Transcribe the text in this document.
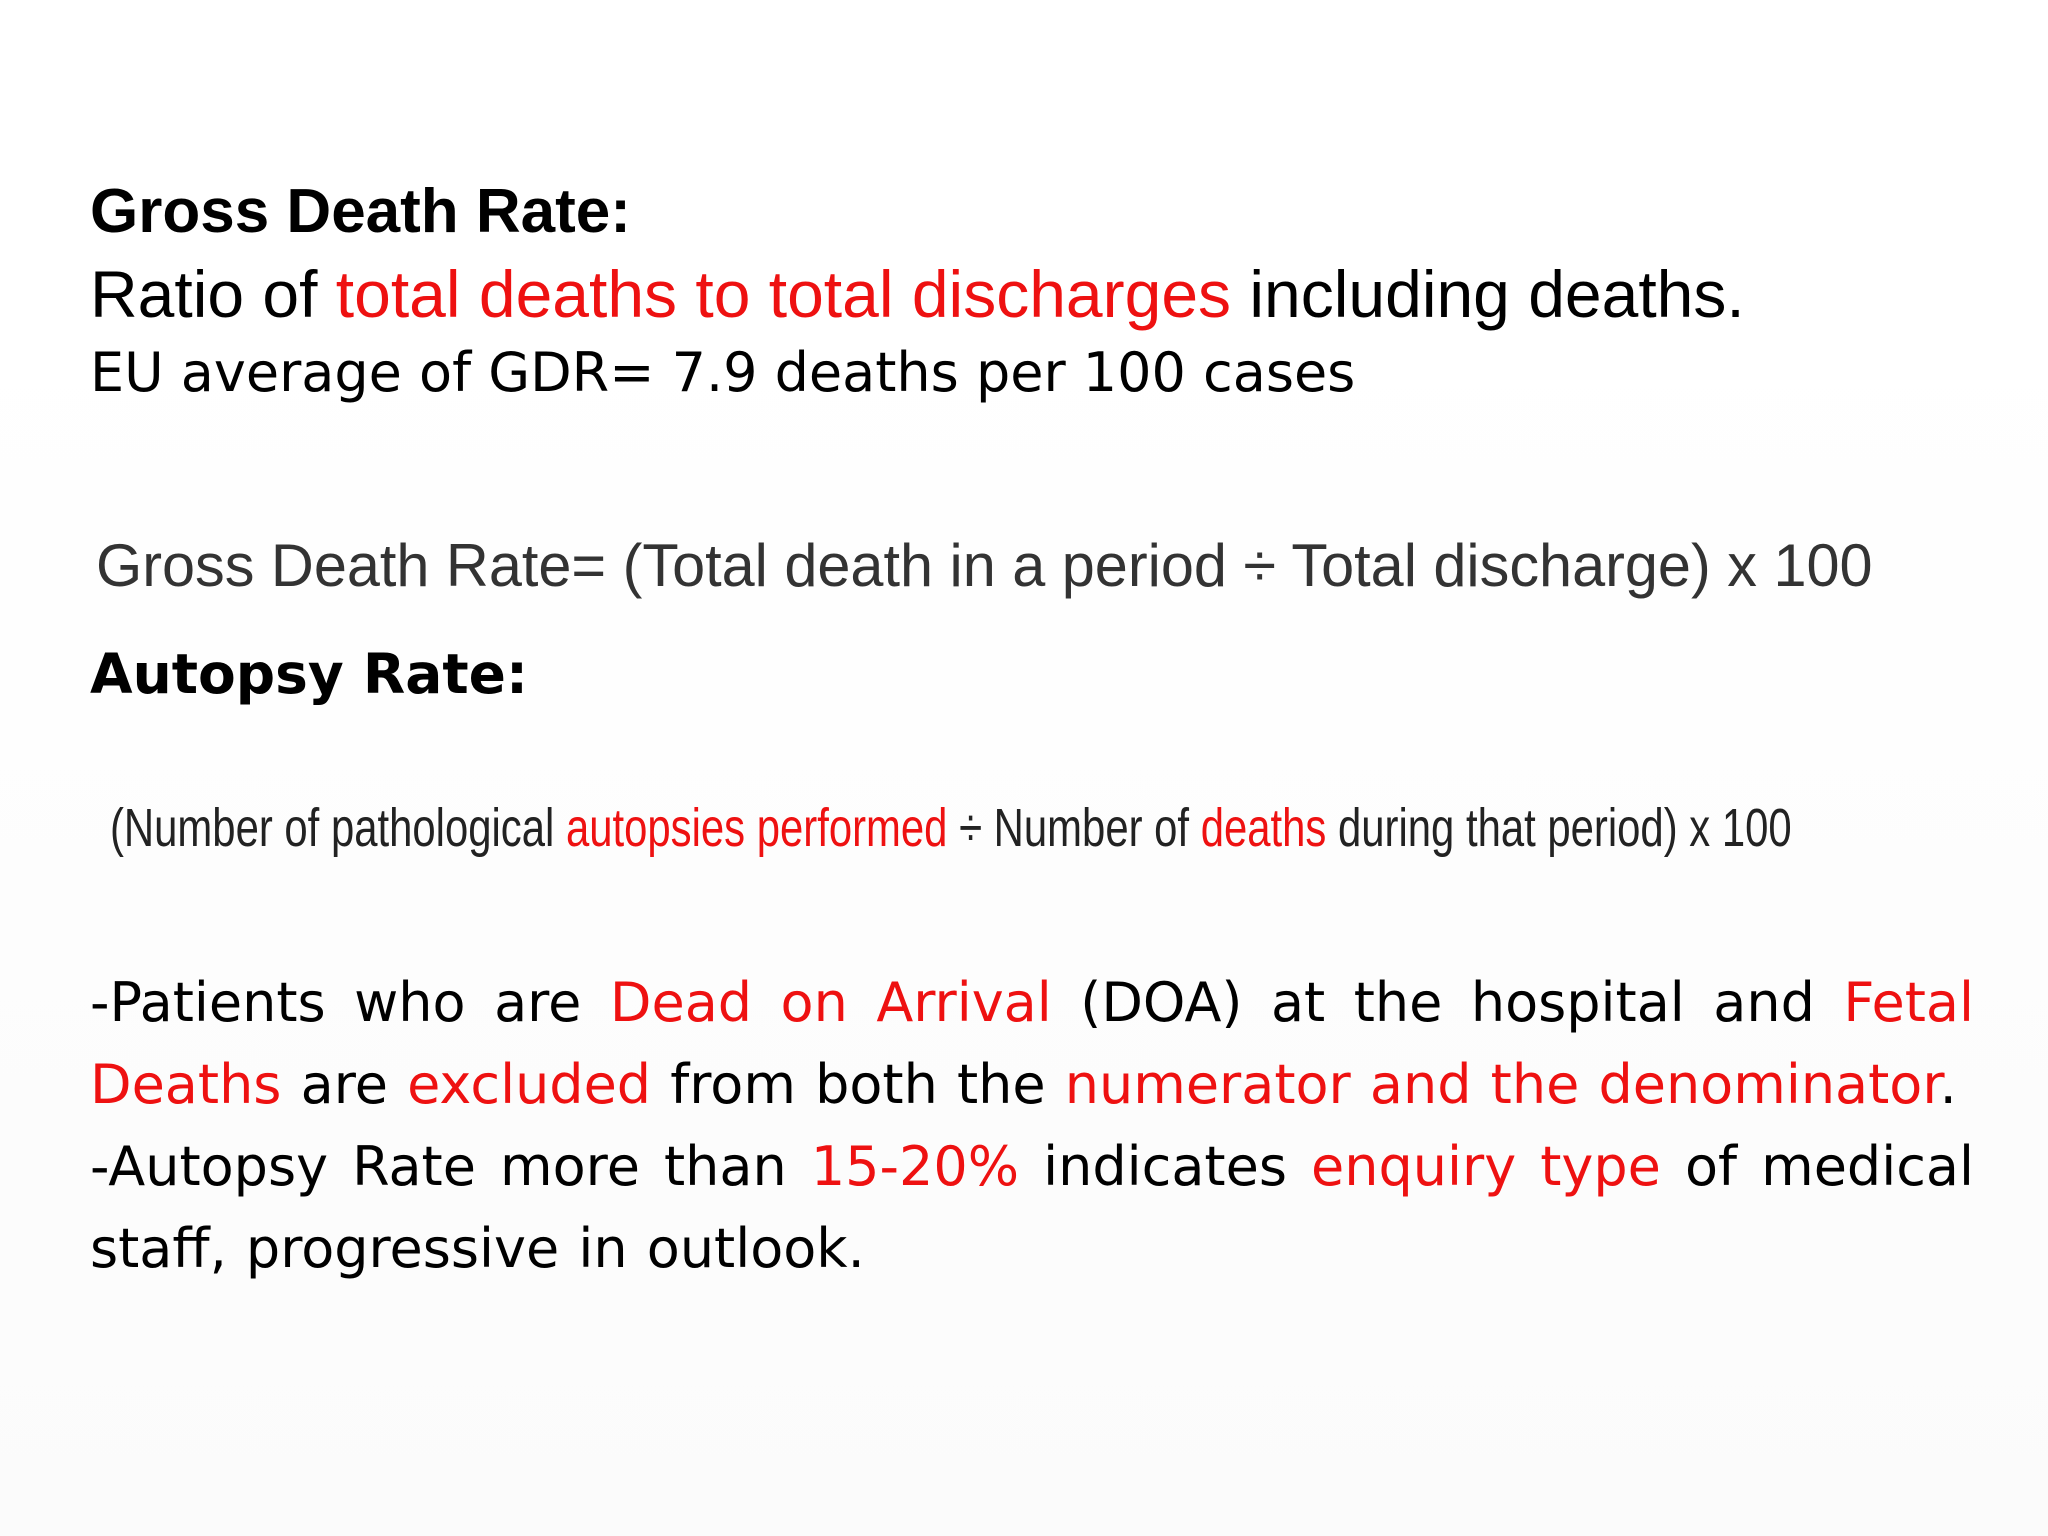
Gross Death Rate:
Ratio of total deaths to total discharges including deaths.
EU average of GDR= 7.9 deaths per 100 cases
Gross Death Rate= (Total death in a period ÷ Total discharge) x 100
Autopsy Rate:
(Number of pathological autopsies performed ÷ Number of deaths during that period) x 100

-Patients who are Dead on Arrival (DOA) at the hospital and Fetal Deaths are excluded from both the numerator and the denominator.

-Autopsy Rate more than 15-20% indicates enquiry type of medical staff, progressive in outlook.
